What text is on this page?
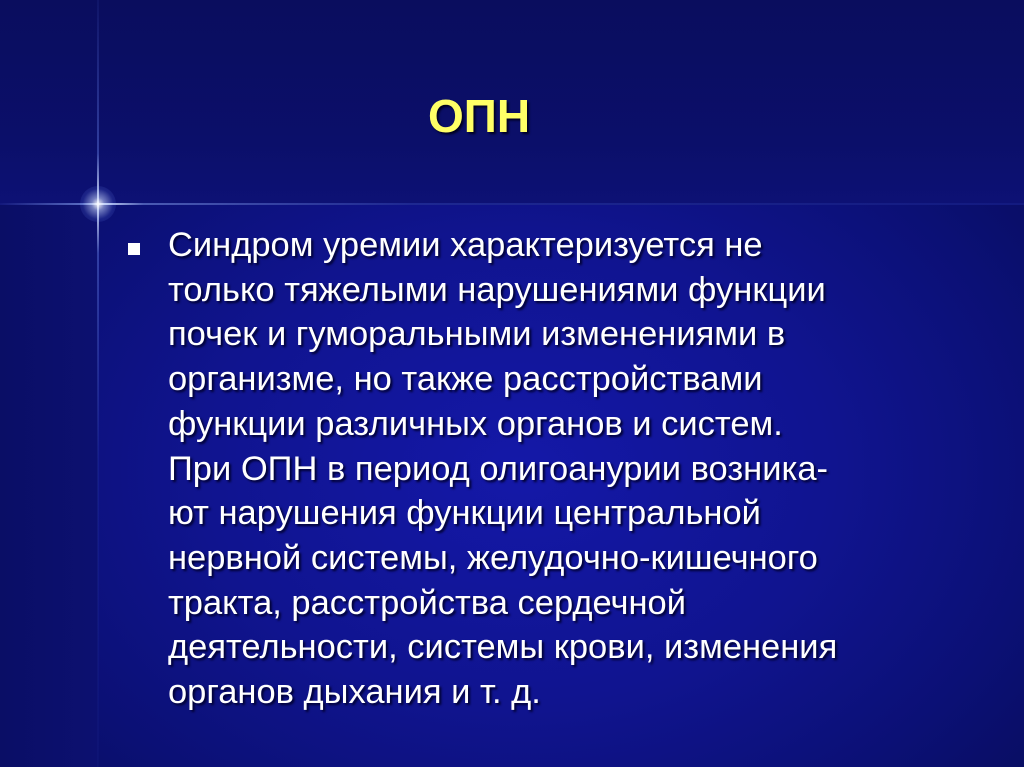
ОПН
Синдром уремии характеризуется не
только тяжелыми нарушениями функции
почек и гуморальными изменениями в
организме, но также расстройствами
функции различных органов и систем.
При ОПН в период олигоанурии возника-
ют нарушения функции центральной
нервной системы, желудочно-кишечного
тракта, расстройства сердечной
деятельности, системы крови, изменения
органов дыхания и т. д.
